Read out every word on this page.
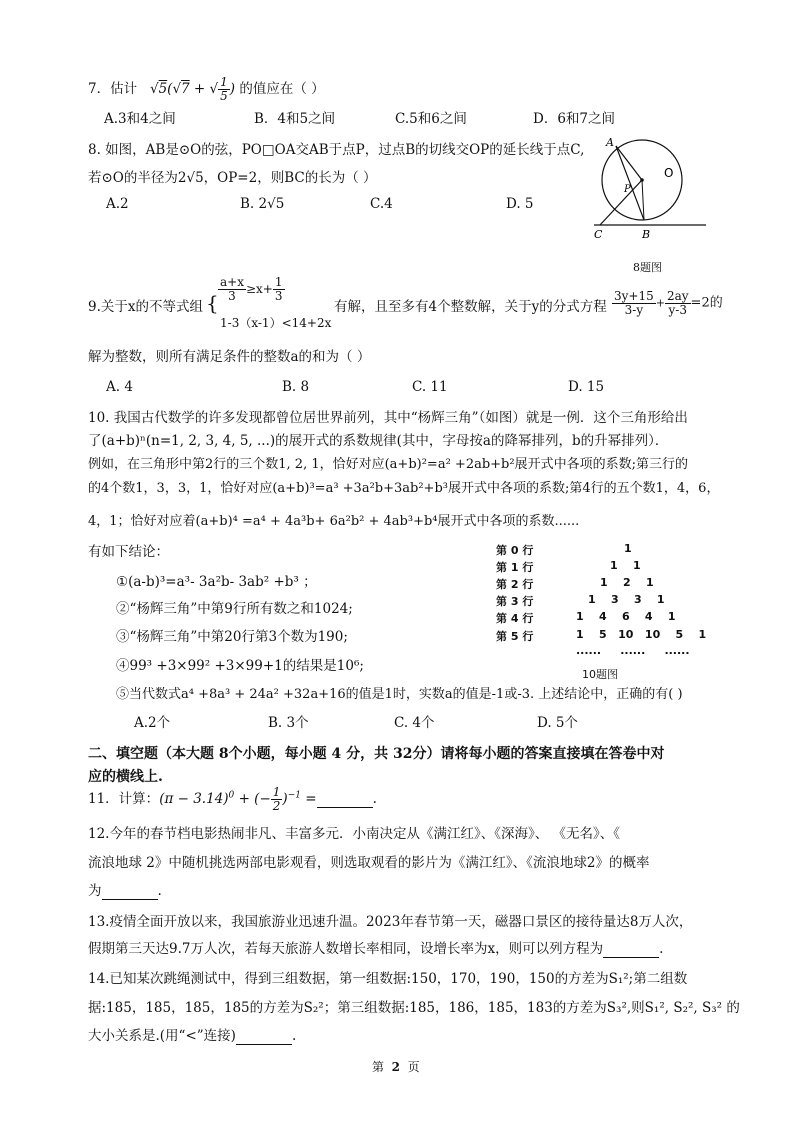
7．估计   √5(√7 + √ $\frac{1}{5}$ ) 的值应在（ ）
A.3和4之间	B．4和5之间	C.5和6之间	D．6和7之间
8. 如图，AB是⊙O的弦，PO□OA交AB于点P，过点B的切线交OP的延长线于点C,
若⊙O的半径为2√5，OP=2，则BC的长为（ ）
A.2	B. 2√5	C.4	D. 5
A
O
P
C	B
8题图
9.关于x的不等式组 { $\frac{a+x}{3} \ge x+ \frac{1}{3}$
1-3（x-1）<14+2x
有解，且至多有4个整数解，关于y的分式方程 $\frac{3y+15}{3-y} + \frac{2ay}{y-3} =2$的
解为整数，则所有满足条件的整数a的和为（ ）
A. 4	B. 8	C. 11	D. 15
10. 我国古代数学的许多发现都曾位居世界前列，其中“杨辉三角”（如图）就是一例．这个三角形给出
了(a+b)ⁿ(n=1, 2, 3, 4, 5, ...)的展开式的系数规律(其中，字母按a的降幂排列，b的升幂排列）．
例如，在三角形中第2行的三个数1, 2, 1，恰好对应(a+b)²=a² +2ab+b²展开式中各项的系数;第三行的
的4个数1，3，3，1，恰好对应(a+b)³=a³ +3a²b+3ab²+b³展开式中各项的系数;第4行的五个数1，4，6，
4，1；恰好对应着(a+b)⁴ =a⁴ + 4a³b+ 6a²b² + 4ab³+b⁴展开式中各项的系数......
有如下结论：
①(a-b)³=a³- 3a²b- 3ab² +b³ ；
②“杨辉三角”中第9行所有数之和1024;
③“杨辉三角”中第20行第3个数为190;
④99³ +3×99² +3×99+1的结果是10⁶;
⑤当代数式a⁴ +8a³ + 24a² +32a+16的值是1时，实数a的值是-1或-3. 上述结论中，正确的有( )
A.2个	B. 3个	C. 4个	D. 5个
第 0 行	1
第 1 行	1    1
第 2 行	1    2    1
第 3 行	1    3    3    1
第 4 行	1    4    6    4    1
第 5 行	1    5   10   10    5    1
......     ......     ......
10题图
二、填空题（本大题 8个小题，每小题 4 分，共 32分）请将每小题的答案直接填在答卷中对
应的横线上.
11．计算：$(\pi - 3.14)^0$ + (− $\frac{1}{2} )^{-1}$ =	.
12.今年的春节档电影热闹非凡、丰富多元．小南决定从《满江红》、《深海》、 《无名》、《
流浪地球 2》中随机挑选两部电影观看，则选取观看的影片为《满江红》、《流浪地球2》的概率
为	.
13.疫情全面开放以来，我国旅游业迅速升温。2023年春节第一天，磁器口景区的接待量达8万人次，
假期第三天达9.7万人次，若每天旅游人数增长率相同，设增长率为x，则可以列方程为	.
14.已知某次跳绳测试中，得到三组数据，第一组数据:150，170，190，150的方差为S₁²;第二组数
据:185，185，185，185的方差为S₂²；第三组数据:185，186，185，183的方差为S₃²,则S₁², S₂², S₃² 的
大小关系是.(用“<”连接)	.
第 2 页
